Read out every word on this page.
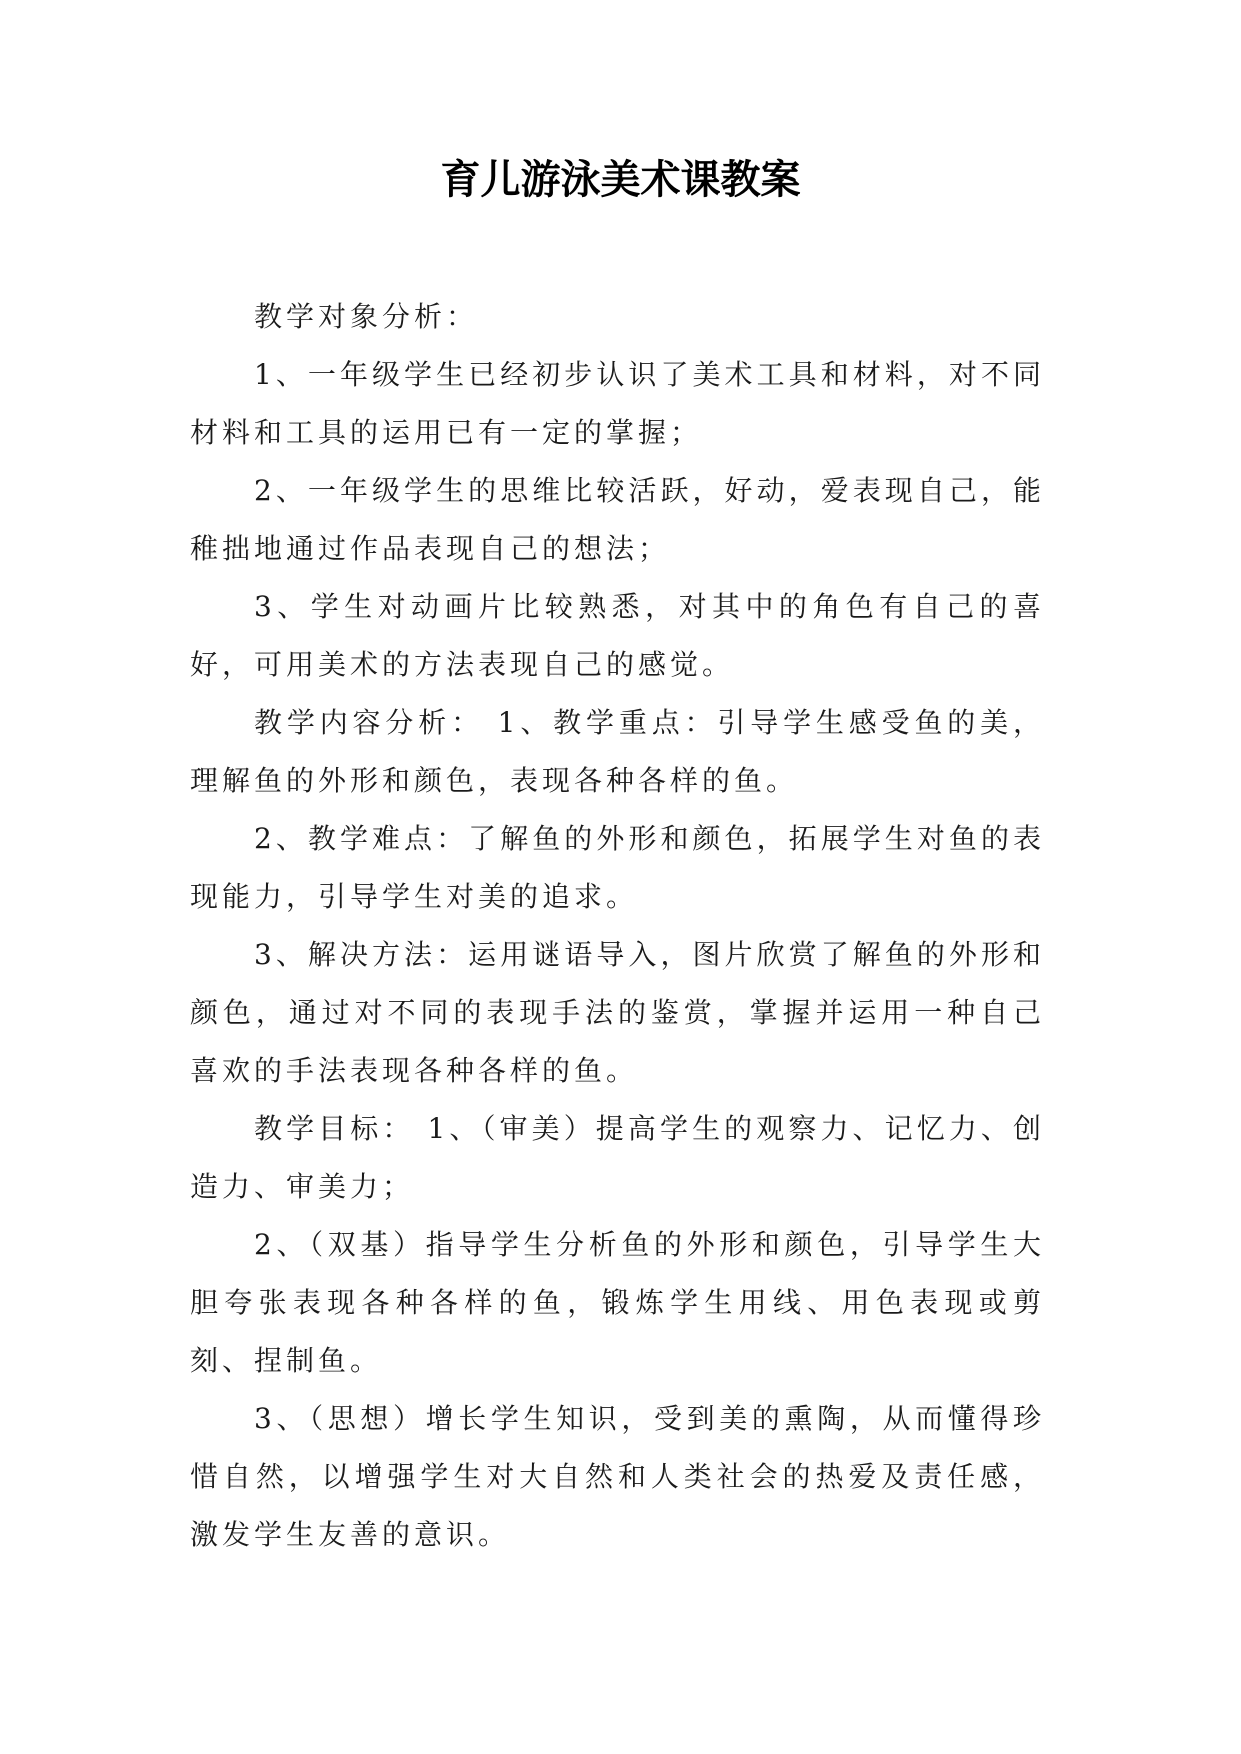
育儿游泳美术课教案

教学对象分析：

1、一年级学生已经初步认识了美术工具和材料，对不同材料和工具的运用已有一定的掌握；

2、一年级学生的思维比较活跃，好动，爱表现自己，能稚拙地通过作品表现自己的想法；

3、学生对动画片比较熟悉，对其中的角色有自己的喜好，可用美术的方法表现自己的感觉。

教学内容分析： 1、教学重点：引导学生感受鱼的美，理解鱼的外形和颜色，表现各种各样的鱼。

2、教学难点：了解鱼的外形和颜色，拓展学生对鱼的表现能力，引导学生对美的追求。

3、解决方法：运用谜语导入，图片欣赏了解鱼的外形和颜色，通过对不同的表现手法的鉴赏，掌握并运用一种自己喜欢的手法表现各种各样的鱼。

教学目标： 1、（审美）提高学生的观察力、记忆力、创造力、审美力；

2、（双基）指导学生分析鱼的外形和颜色，引导学生大胆夸张表现各种各样的鱼，锻炼学生用线、用色表现或剪刻、捏制鱼。

3、（思想）增长学生知识，受到美的熏陶，从而懂得珍惜自然，以增强学生对大自然和人类社会的热爱及责任感，激发学生友善的意识。
